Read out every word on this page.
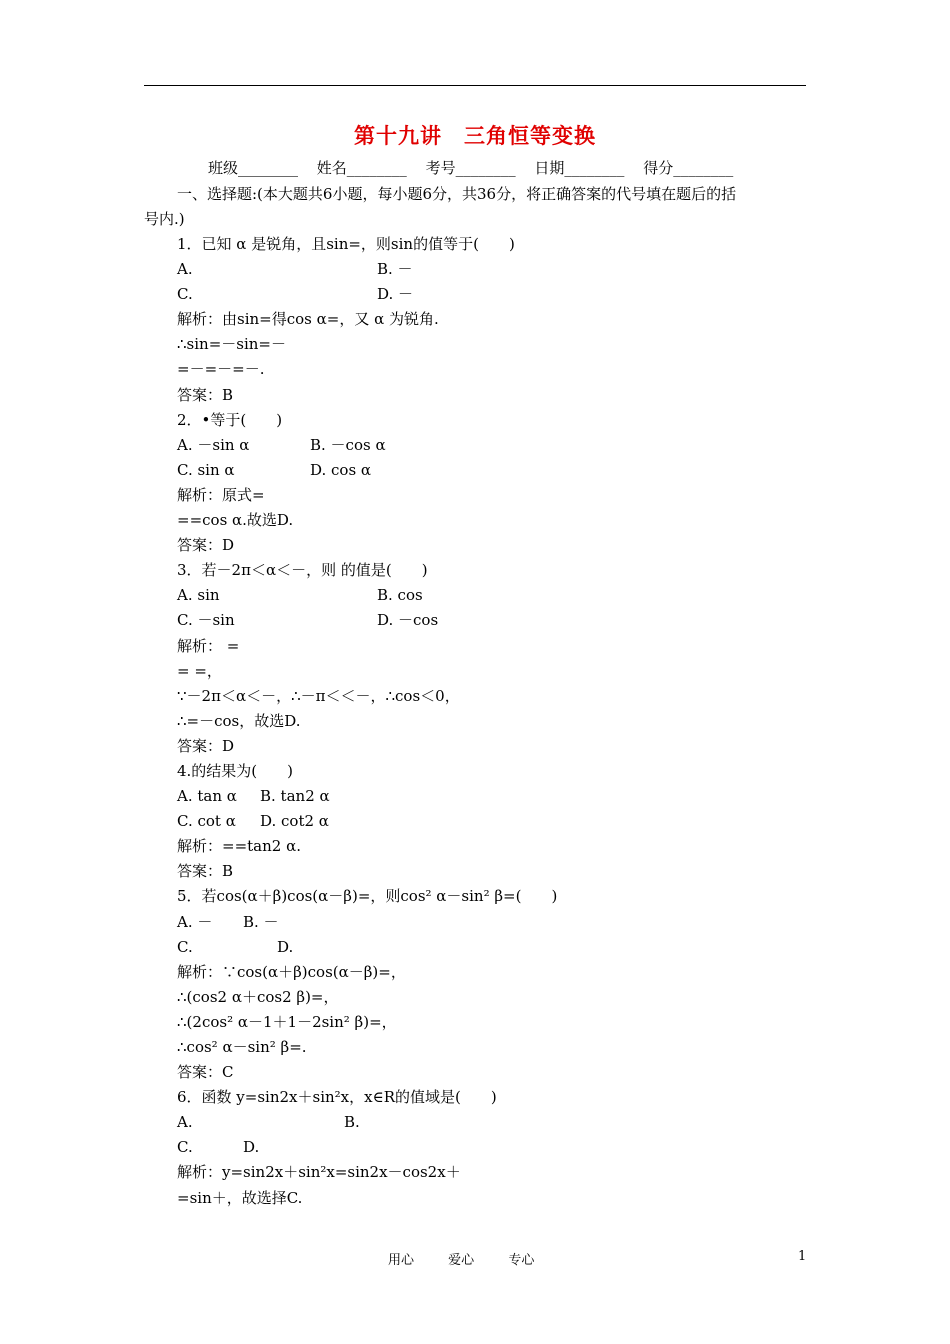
第十九讲　三角恒等变换
班级________ 姓名________ 考号________ 日期________ 得分________
一、选择题:(本大题共6小题，每小题6分，共36分，将正确答案的代号填在题后的括
号内.)
1．已知 α 是锐角，且sin=，则sin的值等于(　　)
A.	B. －
C.	D. －
解析：由sin=得cos α=，又 α 为锐角.
∴sin=－sin=－
=－=－=－.
答案：B
2．•等于(　　)
A. －sin α	B. －cos α
C. sin α	D. cos α
解析：原式=
==cos α.故选D.
答案：D
3．若－2π＜α＜－，则 的值是(　　)
A. sin	B. cos
C. －sin	D. －cos
解析： =
= =，
∵－2π＜α＜－，∴－π＜＜－，∴cos＜0，
∴=－cos，故选D.
答案：D
4.的结果为(　　)
A. tan α B. tan2 α
C. cot α D. cot2 α
解析：==tan2 α.
答案：B
5．若cos(α＋β)cos(α－β)=，则cos² α－sin² β=(　　)
A. － B. －
C.	D.
解析：∵cos(α＋β)cos(α－β)=，
∴(cos2 α＋cos2 β)=，
∴(2cos² α－1＋1－2sin² β)=，
∴cos² α－sin² β=.
答案：C
6．函数 y=sin2x＋sin²x，x∈R的值域是(　　)
A.	B.
C.	D.
解析：y=sin2x＋sin²x=sin2x－cos2x＋
=sin＋，故选择C.
用心	爱心	专心	1
